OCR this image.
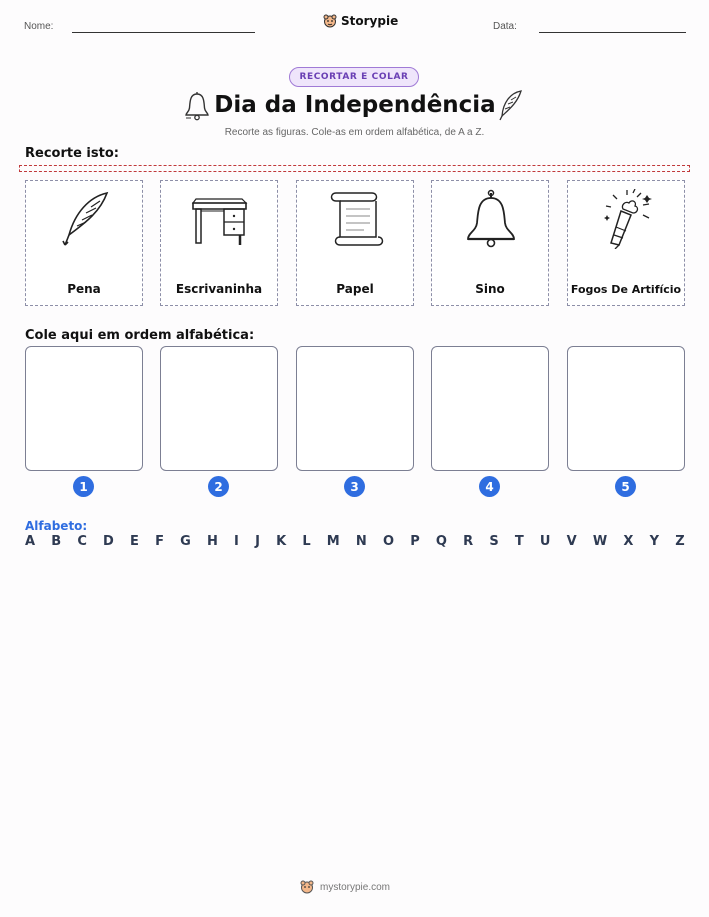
Nome:	Storypie	Data:
RECORTAR E COLAR
Dia da Independência
Recorte as figuras. Cole-as em ordem alfabética, de A a Z.
Recorte isto:
Pena	Escrivaninha	Papel	Sino	Fogos De Artifício
Cole aqui em ordem alfabética:
1	2	3	4	5
Alfabeto:
A B C D E F G H I J K L M N O P Q R S T U V W X Y Z
mystorypie.com
